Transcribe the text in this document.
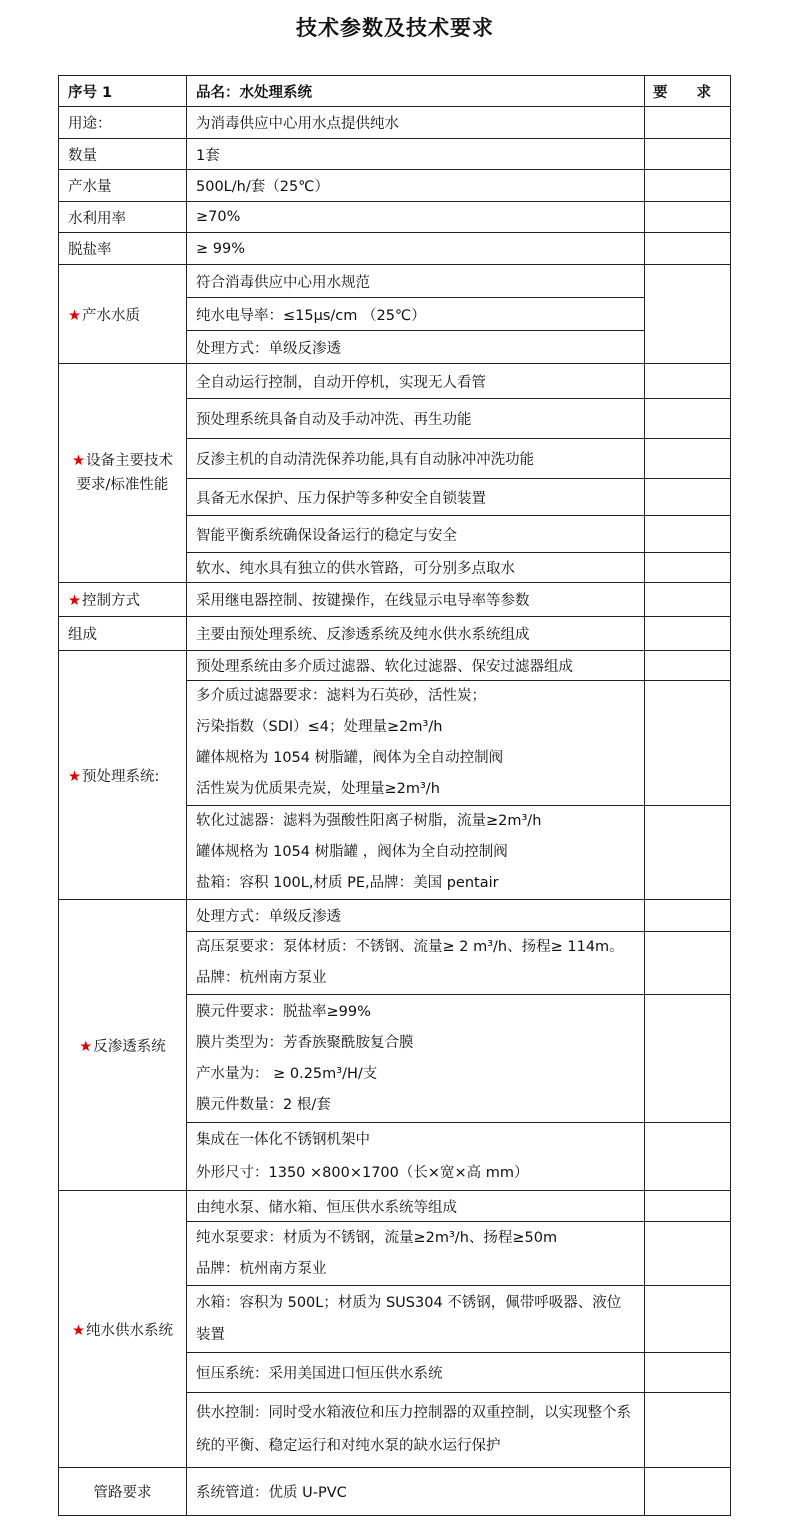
技术参数及技术要求
序号 1	品名：水处理系统	要 求
用途：	为消毒供应中心用水点提供纯水	
数量	1套	
产水量	500L/h/套（25℃）	
水利用率	≥70%	
脱盐率	≥ 99%	
★产水水质	符合消毒供应中心用水规范	
	纯水电导率：≤15μs/cm （25℃）	
	处理方式：单级反渗透	

★设备主要技术
要求/标准性能	全自动运行控制，自动开停机，实现无人看管	
	预处理系统具备自动及手动冲洗、再生功能	
	反渗主机的自动清洗保养功能,具有自动脉冲冲洗功能	
	具备无水保护、压力保护等多种安全自锁装置	
	智能平衡系统确保设备运行的稳定与安全	
	软水、纯水具有独立的供水管路，可分别多点取水	
★控制方式	采用继电器控制、按键操作，在线显示电导率等参数	
组成	主要由预处理系统、反渗透系统及纯水供水系统组成	
★预处理系统:	预处理系统由多介质过滤器、软化过滤器、保安过滤器组成	

	多介质过滤器要求：滤料为石英砂，活性炭；
污染指数（SDI）≤4；处理量≥2m³/h
罐体规格为 1054 树脂罐，阀体为全自动控制阀
活性炭为优质果壳炭，处理量≥2m³/h	

	软化过滤器：滤料为强酸性阳离子树脂，流量≥2m³/h
罐体规格为 1054 树脂罐 ，阀体为全自动控制阀
盐箱：容积 100L,材质 PE,品牌：美国 pentair	

★反渗透系统	处理方式：单级反渗透	

	高压泵要求：泵体材质：不锈钢、流量≥ 2 m³/h、扬程≥ 114m。
品牌：杭州南方泵业	

	膜元件要求：脱盐率≥99%
膜片类型为：芳香族聚酰胺复合膜
产水量为： ≥ 0.25m³/H/支
膜元件数量：2 根/套	

	集成在一体化不锈钢机架中
外形尺寸：1350 ×800×1700（长×宽×高 mm）	

★纯水供水系统	由纯水泵、储水箱、恒压供水系统等组成	

	纯水泵要求：材质为不锈钢，流量≥2m³/h、扬程≥50m
品牌：杭州南方泵业	

	水箱：容积为 500L；材质为 SUS304 不锈钢，佩带呼吸器、液位装置	
	恒压系统：采用美国进口恒压供水系统	
	供水控制：同时受水箱液位和压力控制器的双重控制，以实现整个系统的平衡、稳定运行和对纯水泵的缺水运行保护	
管路要求	系统管道：优质 U-PVC	
